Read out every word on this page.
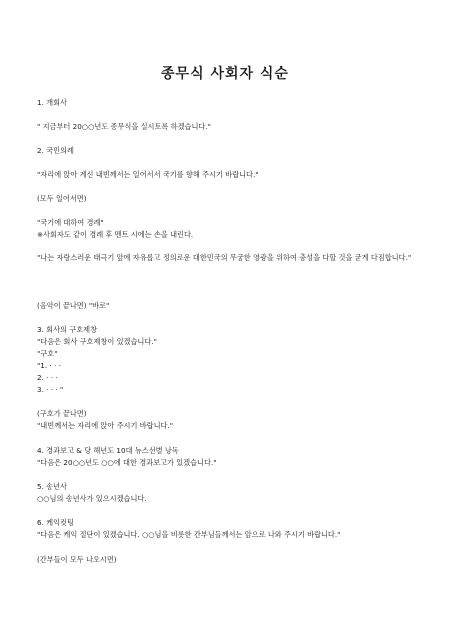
종무식 사회자 식순
1. 개회사
" 지금부터 20○○년도 종무식을 실시토록 하겠습니다."
2. 국민의례
"자리에 앉아 계신 내빈께서는 일어서서 국기를 향해 주시기 바랍니다."
(모두 일어서면)
"국기에 대하여 경례"
※사회자도 같이 경례 후 멘트 시에는 손을 내린다.
"나는 자랑스러운 태극기 앞에 자유롭고 정의로운 대한민국의 무궁한 영광을 위하여 충성을 다할 것을 굳게 다짐합니다."
(음악이 끝나면) "바로"
3. 회사의 구호제창
"다음은 회사 구호제창이 있겠습니다."
"구호"
"1. · · ·
2. · · ·
3. · · · "
(구호가 끝나면)
"내빈께서는 자리에 앉아 주시기 바랍니다."
4. 경과보고 & 당 해년도 10대 뉴스선별 낭독
"다음은 20○○년도 ○○에 대한 경과보고가 있겠습니다."
5. 송년사
○○님의 송년사가 있으시겠습니다.
6. 케익컷팅
"다음은 케익 절단이 있겠습니다. ○○님을 비롯한 간부님들께서는 앞으로 나와 주시기 바랍니다."
(간부들이 모두 나오시면)
